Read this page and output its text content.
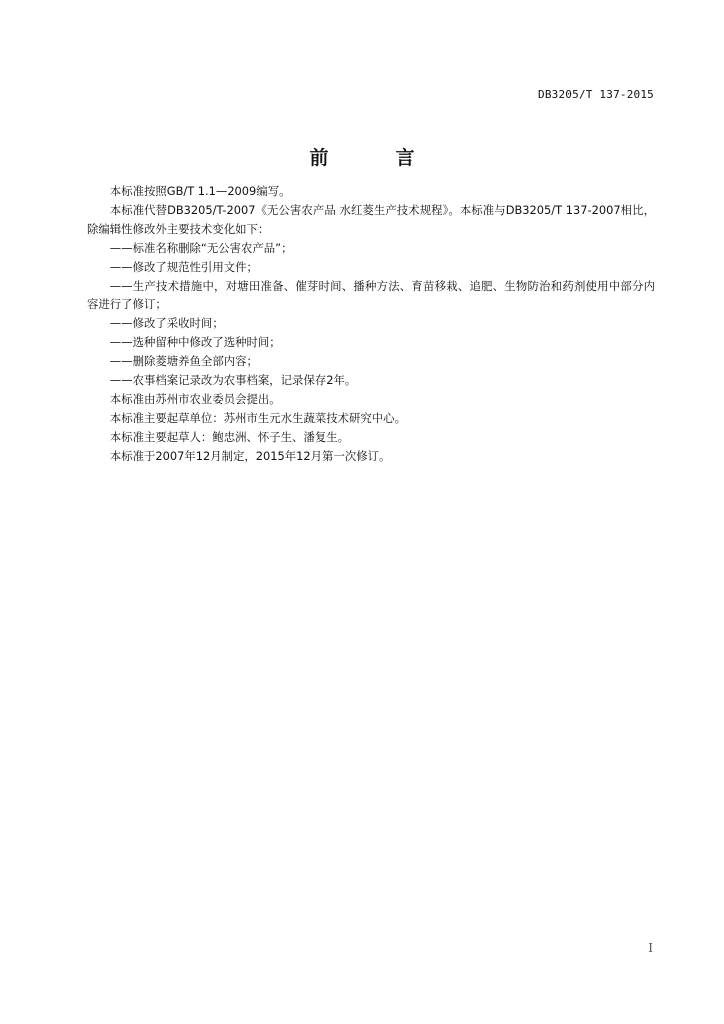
DB3205/T 137-2015
前　言

本标准按照GB/T 1.1—2009编写。

本标准代替DB3205/T-2007《无公害农产品 水红菱生产技术规程》。本标准与DB3205/T 137-2007相比，除编辑性修改外主要技术变化如下：

——标准名称删除“无公害农产品”；

——修改了规范性引用文件；

——生产技术措施中，对塘田准备、催芽时间、播种方法、育苗移栽、追肥、生物防治和药剂使用中部分内容进行了修订；

——修改了采收时间；

——选种留种中修改了选种时间；

——删除菱塘养鱼全部内容；

——农事档案记录改为农事档案，记录保存2年。

本标准由苏州市农业委员会提出。

本标准主要起草单位：苏州市生元水生蔬菜技术研究中心。

本标准主要起草人：鲍忠洲、怀子生、潘复生。

本标准于2007年12月制定，2015年12月第一次修订。

I
